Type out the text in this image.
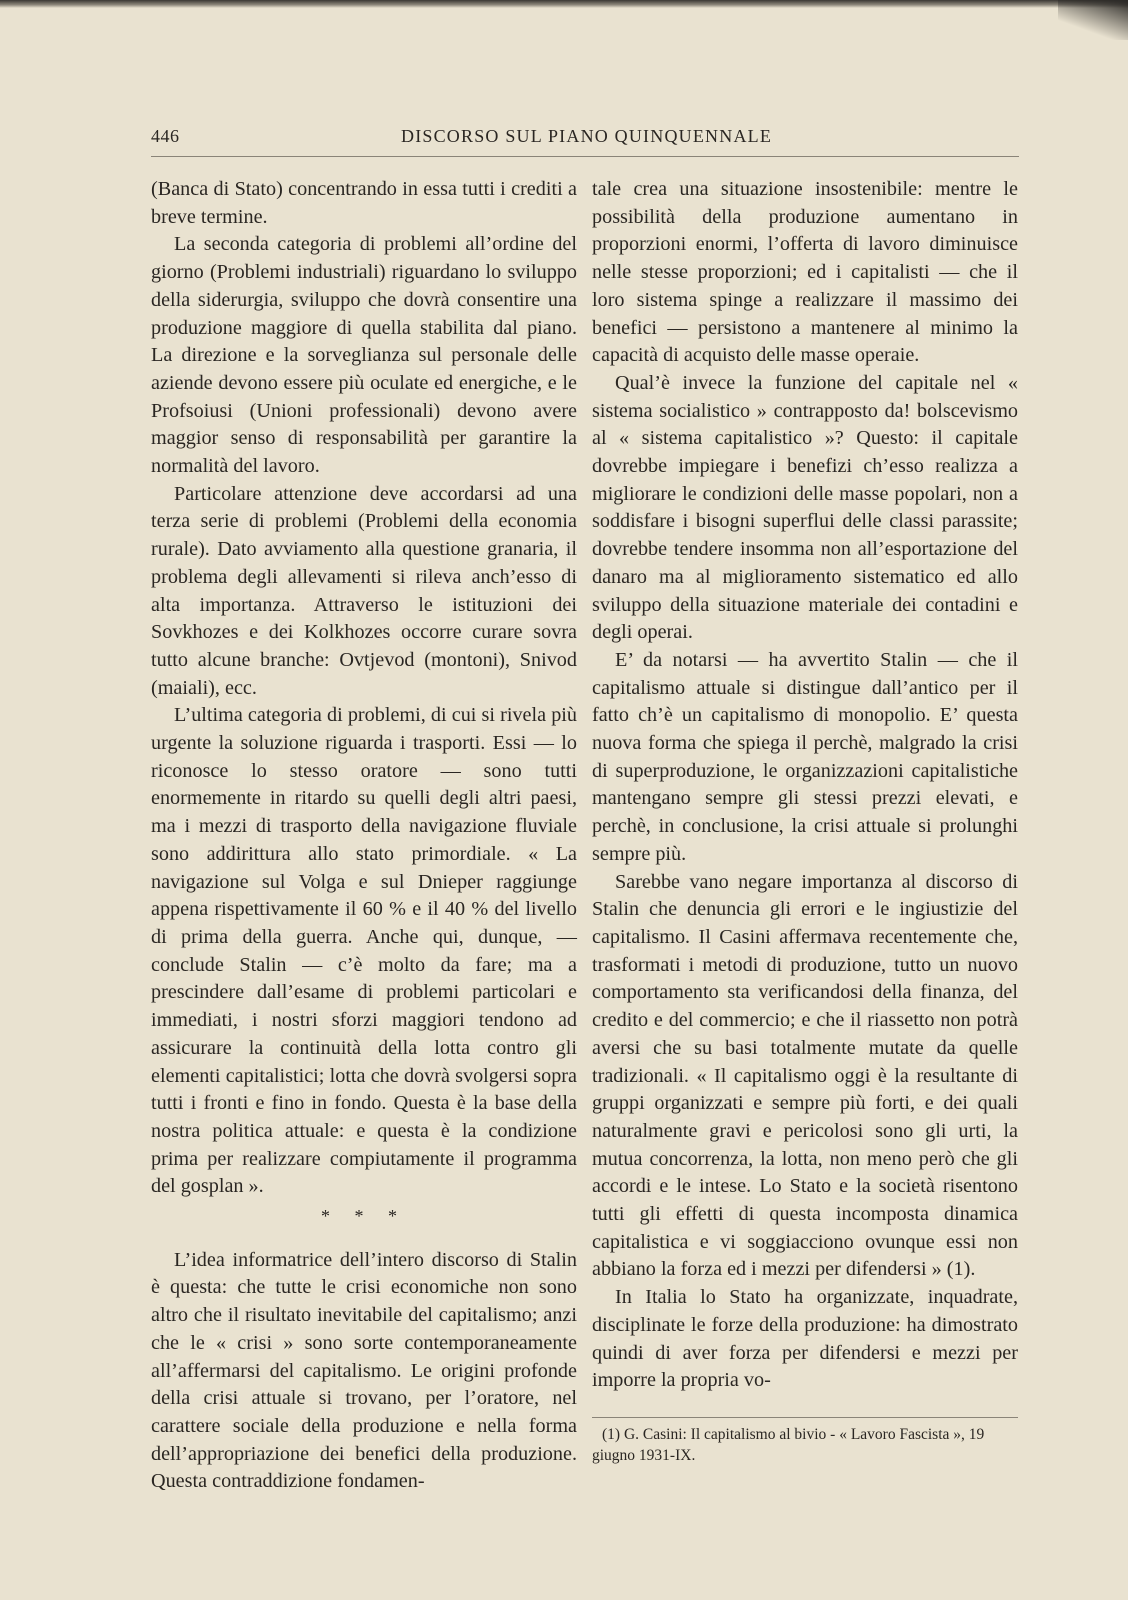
446	DISCORSO SUL PIANO QUINQUENNALE

(Banca di Stato) concentrando in essa tutti i crediti a breve termine.

La seconda categoria di problemi all’ordine del giorno (Problemi industriali) riguardano lo sviluppo della siderurgia, sviluppo che dovrà consentire una produzione maggiore di quella stabilita dal piano. La direzione e la sorveglianza sul personale delle aziende devono essere più oculate ed energiche, e le Profsoiusi (Unioni professionali) devono avere maggior senso di responsabilità per garantire la normalità del lavoro.

Particolare attenzione deve accordarsi ad una terza serie di problemi (Problemi della economia rurale). Dato avviamento alla questione granaria, il problema degli allevamenti si rileva anch’esso di alta importanza. Attraverso le istituzioni dei Sovkhozes e dei Kolkhozes occorre curare sovra tutto alcune branche: Ovtjevod (montoni), Snivod (maiali), ecc.

L’ultima categoria di problemi, di cui si rivela più urgente la soluzione riguarda i trasporti. Essi — lo riconosce lo stesso oratore — sono tutti enormemente in ritardo su quelli degli altri paesi, ma i mezzi di trasporto della navigazione fluviale sono addirittura allo stato primordiale. « La navigazione sul Volga e sul Dnieper raggiunge appena rispettivamente il 60 % e il 40 % del livello di prima della guerra. Anche qui, dunque, — conclude Stalin — c’è molto da fare; ma a prescindere dall’esame di problemi particolari e immediati, i nostri sforzi maggiori tendono ad assicurare la continuità della lotta contro gli elementi capitalistici; lotta che dovrà svolgersi sopra tutti i fronti e fino in fondo. Questa è la base della nostra politica attuale: e questa è la condizione prima per realizzare compiutamente il programma del gosplan ».

* * *

L’idea informatrice dell’intero discorso di Stalin è questa: che tutte le crisi economiche non sono altro che il risultato inevitabile del capitalismo; anzi che le « crisi » sono sorte contemporaneamente all’affermarsi del capitalismo. Le origini profonde della crisi attuale si trovano, per l’oratore, nel carattere sociale della produzione e nella forma dell’appropriazione dei benefici della produzione. Questa contraddizione fondamen-

tale crea una situazione insostenibile: mentre le possibilità della produzione aumentano in proporzioni enormi, l’offerta di lavoro diminuisce nelle stesse proporzioni; ed i capitalisti — che il loro sistema spinge a realizzare il massimo dei benefici — persistono a mantenere al minimo la capacità di acquisto delle masse operaie.

Qual’è invece la funzione del capitale nel « sistema socialistico » contrapposto da! bolscevismo al « sistema capitalistico »? Questo: il capitale dovrebbe impiegare i benefizi ch’esso realizza a migliorare le condizioni delle masse popolari, non a soddisfare i bisogni superflui delle classi parassite; dovrebbe tendere insomma non all’esportazione del danaro ma al miglioramento sistematico ed allo sviluppo della situazione materiale dei contadini e degli operai.

E’ da notarsi — ha avvertito Stalin — che il capitalismo attuale si distingue dall’antico per il fatto ch’è un capitalismo di monopolio. E’ questa nuova forma che spiega il perchè, malgrado la crisi di superproduzione, le organizzazioni capitalistiche mantengano sempre gli stessi prezzi elevati, e perchè, in conclusione, la crisi attuale si prolunghi sempre più.

Sarebbe vano negare importanza al discorso di Stalin che denuncia gli errori e le ingiustizie del capitalismo. Il Casini affermava recentemente che, trasformati i metodi di produzione, tutto un nuovo comportamento sta verificandosi della finanza, del credito e del commercio; e che il riassetto non potrà aversi che su basi totalmente mutate da quelle tradizionali. « Il capitalismo oggi è la resultante di gruppi organizzati e sempre più forti, e dei quali naturalmente gravi e pericolosi sono gli urti, la mutua concorrenza, la lotta, non meno però che gli accordi e le intese. Lo Stato e la società risentono tutti gli effetti di questa incomposta dinamica capitalistica e vi soggiacciono ovunque essi non abbiano la forza ed i mezzi per difendersi » (1).

In Italia lo Stato ha organizzate, inquadrate, disciplinate le forze della produzione: ha dimostrato quindi di aver forza per difendersi e mezzi per imporre la propria vo-

(1) G. Casini: Il capitalismo al bivio - « Lavoro Fascista », 19 giugno 1931-IX.
